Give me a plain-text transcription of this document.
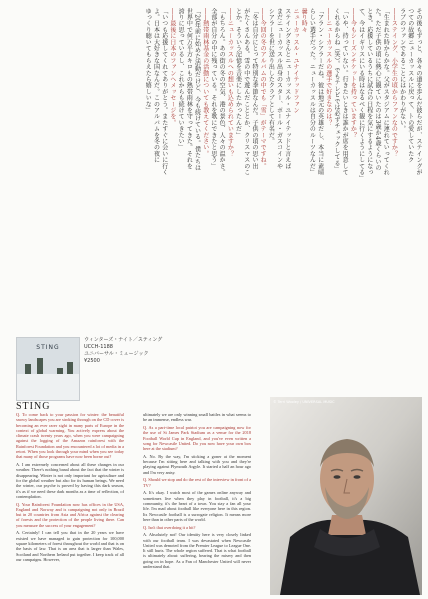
その後もずっと、各々の道を歩んだ彼らだが、ステイングが
つての故郷ニューカッスルに戻って、トの愛していたク
ラブのファンであることにはかわりがない。
――ステイング、小学生の頃からファンなのですか？
「生まれた時からかな。父がスタジアムに連れていってくれ
た。ただ子供の頃に熱心に観ていたのは3歳か4歳くらいの
とき。応援しているうちに試合の日程を気にするようになっ
て、今はイギリスにいる時はなるべく観に行くようにしてる」
――今もシーズンチケットを持っていますか？
「いや、持っていない。行きたいときは誰かが席を用意して
くれるからね（笑）。でもテレビでは必ずチェックしてる」
――ニューカッスルの選手で好きなのは？
「アラン・シアラーだね。彼は地元の英雄だし、本当に素晴
らしい選手だった。ニューカッスルは自分のルーツなんだ」
曇り時々
ニューカッスル・ユナイテッドファン
ステイングさんとニューカッスル・ユナイテッドと言えば
まだニューカッスル出身のスター、ポール・ガスコインや
シアラーを世に送り出したクラブとして有名だ。
――今回の冬のアルバムの中でも「雪」がテーマですね。
「冬は自分にとって特別な季節なんだ。子供の頃の思い出
がたくさんある。雪の中で遊んだこととか、クリスマスのこ
とか。そういう記憶を音楽にしたかったんだ」
――ニューカッスルへの想いも込められていますか？
「もちろん。あの街の冬の空気、港の景色、人々の温かさ。
全部が自分の中に残っている。それを歌にできたと思う」
――熱帯雨林基金の活動についても教えてください。
「20年前に始めた活動だけど、今も続けている。僕たちは
世界中で何万平方キロもの熱帯雨林を守ってきた。それを
誇りに思っているし、これからも続けていきたい」
――最後に日本のファンへメッセージを。
「いつも応援してくれてありがとう。またすぐに会いに行く
よ。日本は大好きな国なんだ。このアルバムを冬の夜に
ゆっくり聴いてもらえたら嬉しいな」
STING
ウィンターズ・ナイト／スティング
UCCH-1188
ユニバーサル・ミュージック
¥2500
STING

Q. To come back to your passion for winter: the beautiful snowy landscapes you are stroking through on the CD cover is becoming an ever rarer sight in many parts of Europe in the context of global warming. You actively express about the climate crash twenty years ago, when you were campaigning against the logging of the Amazon rainforest with the Rainforest Foundation and you encountered a lot of media in a retort. When you look through your mind when you see today that many of those programs have now been borne out?

A. I am extremely concerned about all these changes in our weather. There's nothing banal about the fact that the winter is disappearing. Winter is not only important for agriculture and for the global weather but also for its human beings. We need the winter, our psyche is proved by having this dark season, it's as if we need these dark months as a time of reflection, of contemplation.

Q. Your Rainforest Foundation now has offices in the USA, England and Norway and is campaigning not only in Brazil but in 20 countries from Asia and Africa against the clearing of forests and the protection of the people living there. Can you measure the success of your engagement?

A. Certainly! I can tell you that in the 20 years we have existed we have managed to gain protection for 100,000 square kilometers of forest throughout the world and that is on the basis of law. That is an area that is larger than Wales, Scotland and Northern Ireland put together. I keep track of all our campaigns. However,

ultimately we are only winning small battles in what seems to be an immense, endless war.

Q. As a part-time local patriot you are campaigning now for the use of St James Park Stadium as a venue for the 2018 Football World Cup in England, and you've even written a song for Newcastle United. Do you now have your own box here at the stadium?

A. No. By the way, I'm sticking a goner at the moment because I'm sitting here and talking with you and they're playing against Plymouth Argyle. It started a half an hour ago and I'm very antsy.

Q. Should we stop and do the rest of the interview in front of a TV?

A. It's okay. I watch most of the games online anyway and sometimes live when they play in football, it's a big community, it's the heart of a town. You stay a fan all your life. I'm mad about football like everyone here in this region. Its Newcastle football is a surrogate religion. It means more here than in other parts of the world.

Q. Isn't that overdoing it a bit?

A. Absolutely not! Our identity here is very closely linked with our football team. I was devastated when Newcastle United was demoted from the Premier League to League One. It still hurts. The whole region suffered. That is what football is ultimately about: suffering, bearing the misery and then going on in hope. As a Fan of Manchester United will never understand that.

© Terri Wooley / UNIVERSAL MUSIC
